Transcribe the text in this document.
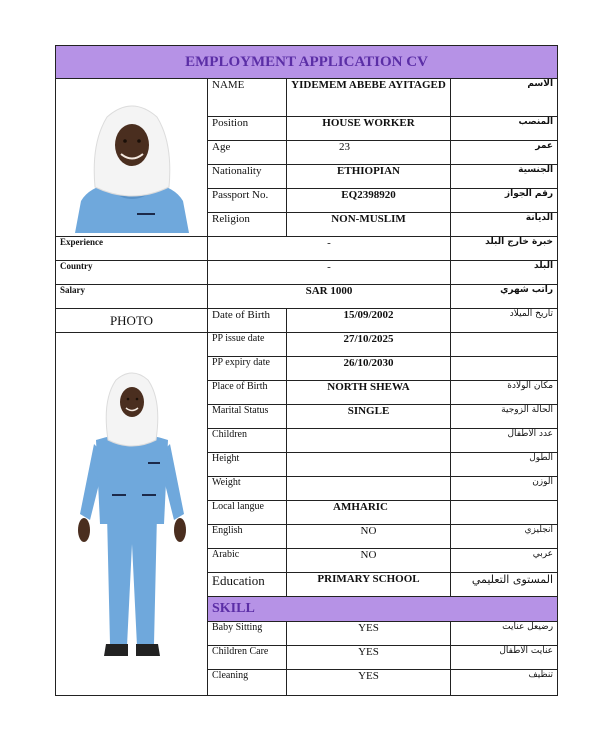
EMPLOYMENT APPLICATION CV			

	NAME	YIDEMEM ABEBE AYITAGED	الاسم
	Position	HOUSE WORKER	المنصب
	Age	23	عمر
	Nationality	ETHIOPIAN	الجنسية
	Passport No.	EQ2398920	رقم الجواز
	Religion	NON-MUSLIM	الديانة
Experience	-		خبرة خارج البلد
Country	-		البلد
Salary	SAR 1000		راتب شهري
PHOTO	Date of Birth	15/09/2002	تاريخ الميلاد

	PP issue date	27/10/2025	
	PP expiry date	26/10/2030	
	Place of Birth	NORTH SHEWA	مكان الولادة
	Marital Status	SINGLE	الحالة الزوجية
	Children		عدد الأطفال
	Height		الطول
	Weight		الوزن
	Local langue	AMHARIC	
	English	NO	انجليزي
	Arabic	NO	عربي
	Education	PRIMARY SCHOOL	المستوى التعليمي
	SKILL		
	Baby Sitting	YES	رضيعل عنايت
	Children Care	YES	عنايت الأطفال
	Cleaning	YES	تنظيف
